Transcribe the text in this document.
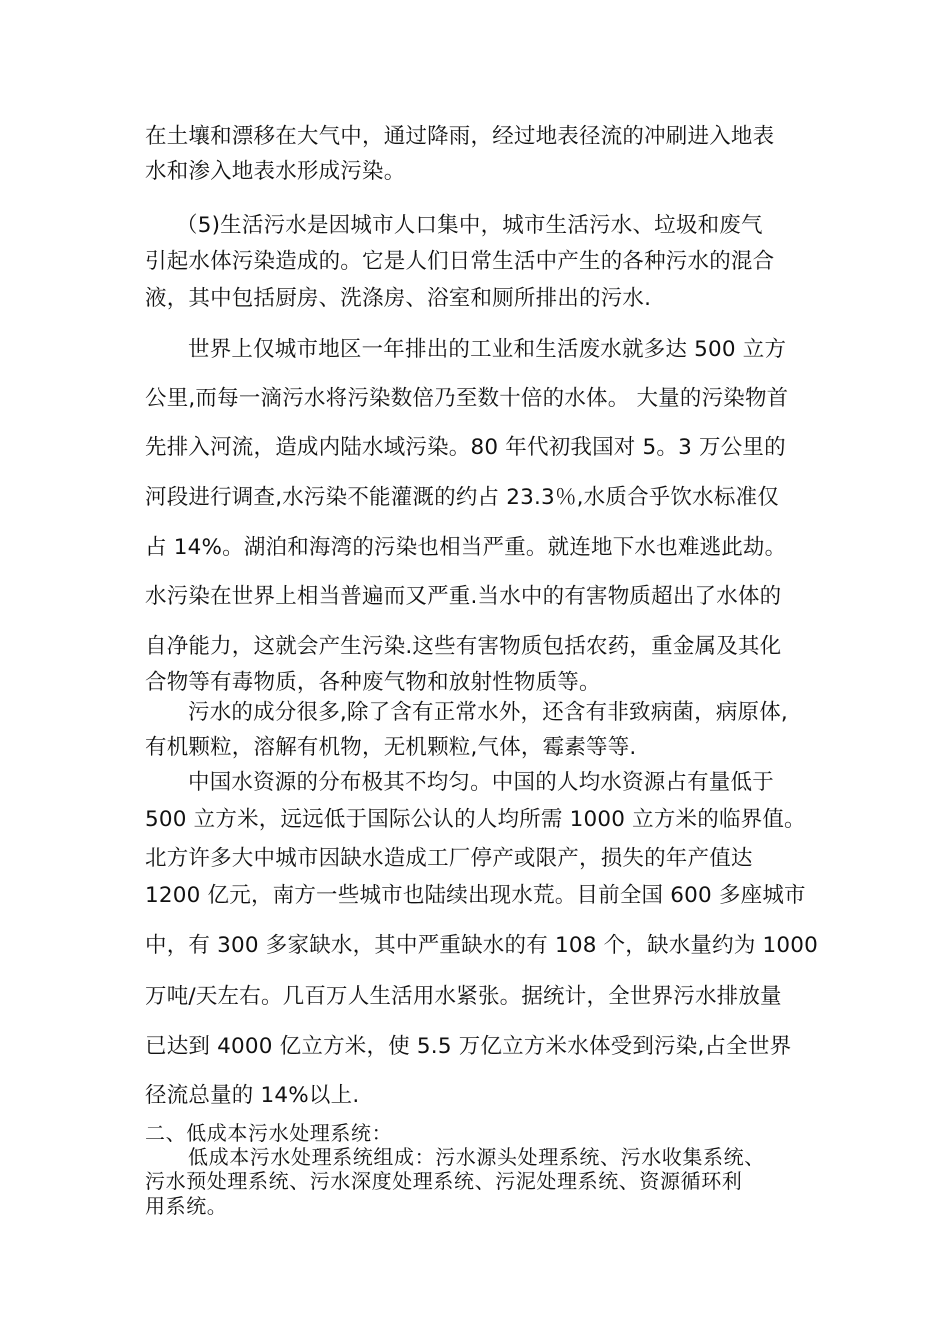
在土壤和漂移在大气中，通过降雨，经过地表径流的冲刷进入地表
水和渗入地表水形成污染。
（5)生活污水是因城市人口集中，城市生活污水、垃圾和废气
引起水体污染造成的。它是人们日常生活中产生的各种污水的混合
液，其中包括厨房、洗涤房、浴室和厕所排出的污水.
世界上仅城市地区一年排出的工业和生活废水就多达 500 立方
公里,而每一滴污水将污染数倍乃至数十倍的水体。 大量的污染物首
先排入河流，造成内陆水域污染。80 年代初我国对 5。3 万公里的
河段进行调查,水污染不能灌溉的约占 23.3％,水质合乎饮水标准仅
占 14%。湖泊和海湾的污染也相当严重。就连地下水也难逃此劫。
水污染在世界上相当普遍而又严重.当水中的有害物质超出了水体的
自净能力，这就会产生污染.这些有害物质包括农药，重金属及其化
合物等有毒物质，各种废气物和放射性物质等。
污水的成分很多,除了含有正常水外，还含有非致病菌，病原体,
有机颗粒，溶解有机物，无机颗粒,气体，霉素等等.
中国水资源的分布极其不均匀。中国的人均水资源占有量低于
500 立方米，远远低于国际公认的人均所需 1000 立方米的临界值。
北方许多大中城市因缺水造成工厂停产或限产，损失的年产值达
1200 亿元，南方一些城市也陆续出现水荒。目前全国 600 多座城市
中，有 300 多家缺水，其中严重缺水的有 108 个，缺水量约为 1000
万吨/天左右。几百万人生活用水紧张。据统计，全世界污水排放量
已达到 4000 亿立方米，使 5.5 万亿立方米水体受到污染,占全世界
径流总量的 14%以上.
二、低成本污水处理系统：
低成本污水处理系统组成：污水源头处理系统、污水收集系统、
污水预处理系统、污水深度处理系统、污泥处理系统、资源循环利
用系统。
